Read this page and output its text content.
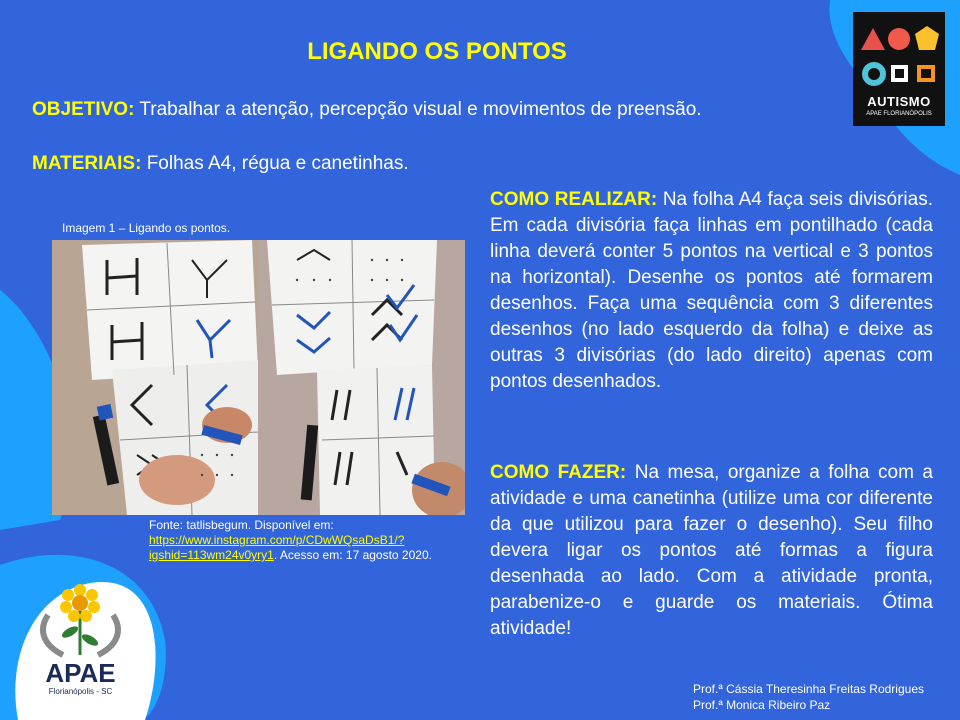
LIGANDO OS PONTOS

OBJETIVO: Trabalhar a atenção, percepção visual e movimentos de preensão.

MATERIAIS: Folhas A4, régua e canetinhas.

COMO REALIZAR: Na folha A4 faça seis divisórias. Em cada divisória faça linhas em pontilhado (cada linha deverá conter 5 pontos na vertical e 3 pontos na horizontal). Desenhe os pontos até formarem desenhos. Faça uma sequência com 3 diferentes desenhos (no lado esquerdo da folha) e deixe as outras 3 divisórias (do lado direito) apenas com pontos desenhados.

COMO FAZER: Na mesa, organize a folha com a atividade e uma canetinha (utilize uma cor diferente da que utilizou para fazer o desenho). Seu filho devera ligar os pontos até formas a figura desenhada ao lado. Com a atividade pronta, parabenize-o e guarde os materiais. Ótima atividade!

Imagem 1 – Ligando os pontos.
Fonte: tatlisbegum. Disponível em: https://www.instagram.com/p/CDwWQsaDsB1/?igshid=113wm24v0yry1. Acesso em: 17 agosto 2020.
AUTISMO
APAE FLORIANÓPOLIS
APAE
Florianópolis - SC	Prof.ª Cássia Theresinha Freitas Rodrigues
Prof.ª Monica Ribeiro Paz
